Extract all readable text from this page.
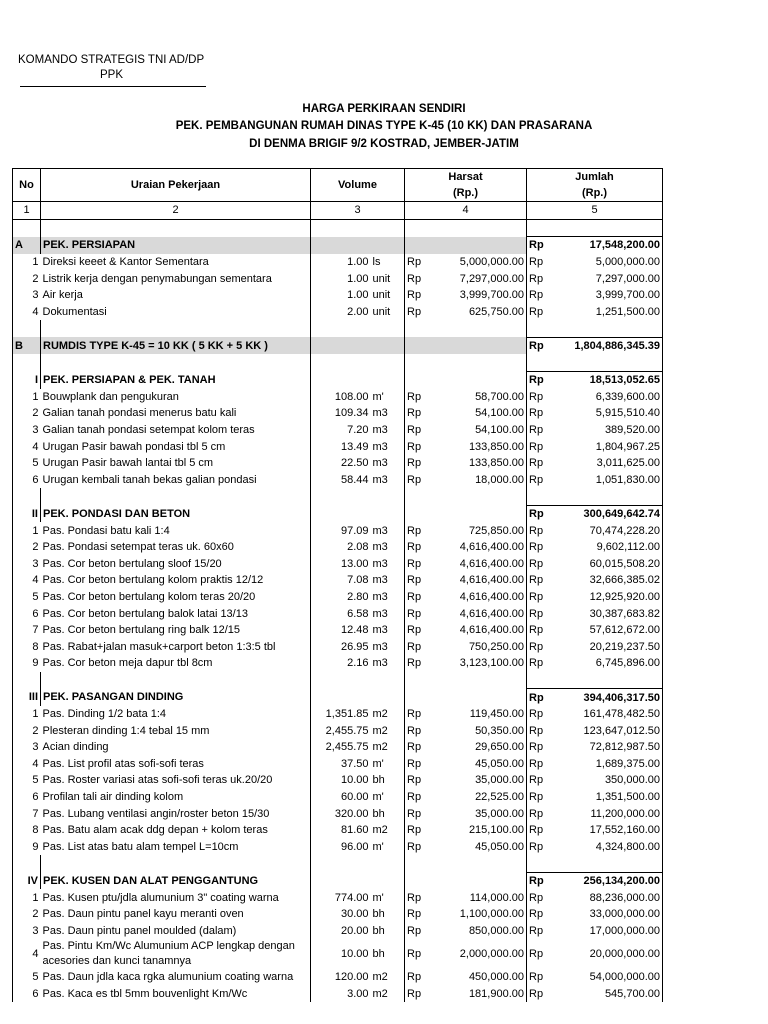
KOMANDO STRATEGIS TNI AD/DP
PPK
HARGA PERKIRAAN SENDIRI
PEK. PEMBANGUNAN RUMAH DINAS TYPE K-45 (10 KK) DAN PRASARANA
DI DENMA BRIGIF 9/2 KOSTRAD, JEMBER-JATIM
No	Uraian Pekerjaan	Volume		Harsat
(Rp.)		Jumlah
(Rp.)	
1	2	3		4		5	

A	PEK. PERSIAPAN					Rp	17,548,200.00
1	Direksi keeet & Kantor Sementara	1.00	ls	Rp	5,000,000.00	Rp	5,000,000.00
2	Listrik kerja dengan penymabungan sementara	1.00	unit	Rp	7,297,000.00	Rp	7,297,000.00
3	Air kerja	1.00	unit	Rp	3,999,700.00	Rp	3,999,700.00
4	Dokumentasi	2.00	unit	Rp	625,750.00	Rp	1,251,500.00

B	RUMDIS TYPE K-45 = 10 KK ( 5 KK + 5 KK )					Rp	1,804,886,345.39

I	PEK. PERSIAPAN & PEK. TANAH					Rp	18,513,052.65
1	Bouwplank dan pengukuran	108.00	m'	Rp	58,700.00	Rp	6,339,600.00
2	Galian tanah pondasi menerus batu kali	109.34	m3	Rp	54,100.00	Rp	5,915,510.40
3	Galian tanah pondasi setempat kolom teras	7.20	m3	Rp	54,100.00	Rp	389,520.00
4	Urugan Pasir bawah pondasi tbl 5 cm	13.49	m3	Rp	133,850.00	Rp	1,804,967.25
5	Urugan Pasir bawah lantai tbl 5 cm	22.50	m3	Rp	133,850.00	Rp	3,011,625.00
6	Urugan kembali tanah bekas galian pondasi	58.44	m3	Rp	18,000.00	Rp	1,051,830.00

II	PEK. PONDASI DAN BETON					Rp	300,649,642.74
1	Pas. Pondasi batu kali 1:4	97.09	m3	Rp	725,850.00	Rp	70,474,228.20
2	Pas. Pondasi setempat teras uk. 60x60	2.08	m3	Rp	4,616,400.00	Rp	9,602,112.00
3	Pas. Cor beton bertulang sloof 15/20	13.00	m3	Rp	4,616,400.00	Rp	60,015,508.20
4	Pas. Cor beton bertulang kolom praktis 12/12	7.08	m3	Rp	4,616,400.00	Rp	32,666,385.02
5	Pas. Cor beton bertulang kolom teras 20/20	2.80	m3	Rp	4,616,400.00	Rp	12,925,920.00
6	Pas. Cor beton bertulang balok latai 13/13	6.58	m3	Rp	4,616,400.00	Rp	30,387,683.82
7	Pas. Cor beton bertulang ring balk 12/15	12.48	m3	Rp	4,616,400.00	Rp	57,612,672.00
8	Pas. Rabat+jalan masuk+carport beton 1:3:5 tbl	26.95	m3	Rp	750,250.00	Rp	20,219,237.50
9	Pas. Cor beton meja dapur tbl 8cm	2.16	m3	Rp	3,123,100.00	Rp	6,745,896.00

III	PEK. PASANGAN DINDING					Rp	394,406,317.50
1	Pas. Dinding 1/2 bata 1:4	1,351.85	m2	Rp	119,450.00	Rp	161,478,482.50
2	Plesteran dinding 1:4 tebal 15 mm	2,455.75	m2	Rp	50,350.00	Rp	123,647,012.50
3	Acian dinding	2,455.75	m2	Rp	29,650.00	Rp	72,812,987.50
4	Pas. List profil atas sofi-sofi teras	37.50	m'	Rp	45,050.00	Rp	1,689,375.00
5	Pas. Roster variasi atas sofi-sofi teras uk.20/20	10.00	bh	Rp	35,000.00	Rp	350,000.00
6	Profilan tali air dinding kolom	60.00	m'	Rp	22,525.00	Rp	1,351,500.00
7	Pas. Lubang ventilasi angin/roster beton 15/30	320.00	bh	Rp	35,000.00	Rp	11,200,000.00
8	Pas. Batu alam acak ddg depan + kolom teras	81.60	m2	Rp	215,100.00	Rp	17,552,160.00
9	Pas. List atas batu alam tempel L=10cm	96.00	m'	Rp	45,050.00	Rp	4,324,800.00

IV	PEK. KUSEN DAN ALAT PENGGANTUNG					Rp	256,134,200.00
1	Pas. Kusen ptu/jdla alumunium 3" coating warna	774.00	m'	Rp	114,000.00	Rp	88,236,000.00
2	Pas. Daun pintu panel kayu meranti oven	30.00	bh	Rp	1,100,000.00	Rp	33,000,000.00
3	Pas. Daun pintu panel moulded (dalam)	20.00	bh	Rp	850,000.00	Rp	17,000,000.00
4	Pas. Pintu Km/Wc Alumunium ACP lengkap dengan acesories dan kunci tanamnya	10.00	bh	Rp	2,000,000.00	Rp	20,000,000.00
5	Pas. Daun jdla kaca rgka alumunium coating warna	120.00	m2	Rp	450,000.00	Rp	54,000,000.00
6	Pas. Kaca es tbl 5mm bouvenlight Km/Wc	3.00	m2	Rp	181,900.00	Rp	545,700.00
